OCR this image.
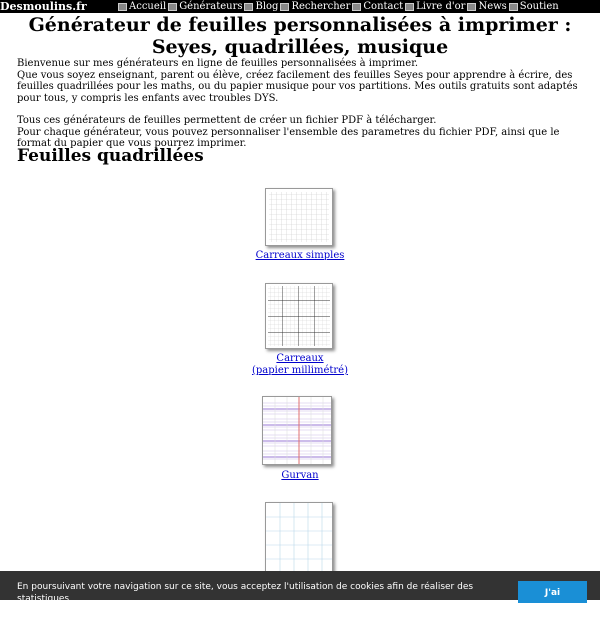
Desmoulins.fr	Accueil Générateurs Blog Rechercher Contact Livre d'or News Soutien
Générateur de feuilles personnalisées à imprimer :
Seyes, quadrillées, musique

Bienvenue sur mes générateurs en ligne de feuilles personnalisées à imprimer.

Que vous soyez enseignant, parent ou élève, créez facilement des feuilles Seyes pour apprendre à écrire, des feuilles quadrillées pour les maths, ou du papier musique pour vos partitions. Mes outils gratuits sont adaptés pour tous, y compris les enfants avec troubles DYS.

Tous ces générateurs de feuilles permettent de créer un fichier PDF à télécharger.

Pour chaque générateur, vous pouvez personnaliser l'ensemble des parametres du fichier PDF, ainsi que le format du papier que vous pourrez imprimer.

Feuilles quadrillées
Carreaux simples
Carreaux
(papier millimétré)
Gurvan
En poursuivant votre navigation sur ce site, vous acceptez l'utilisation de cookies afin de réaliser des statistiques
J'ai compris
